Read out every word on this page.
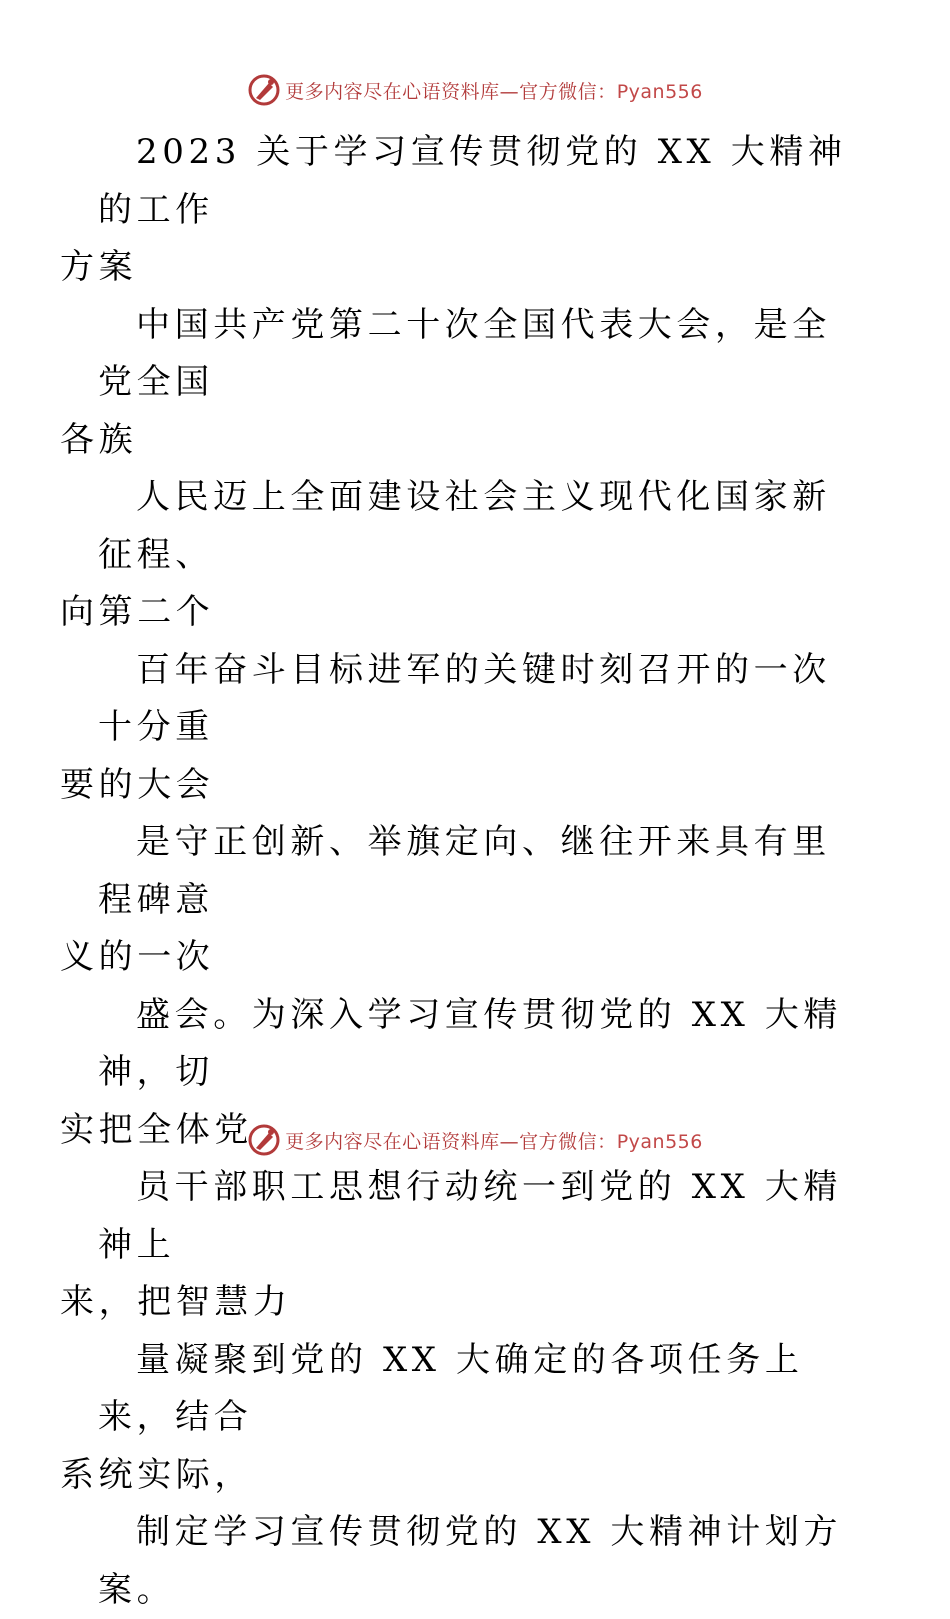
更多内容尽在心语资料库—官方微信：Pyan556
2023 关于学习宣传贯彻党的 XX 大精神的工作
方案
中国共产党第二十次全国代表大会，是全党全国
各族
人民迈上全面建设社会主义现代化国家新征程、
向第二个
百年奋斗目标进军的关键时刻召开的一次十分重
要的大会
是守正创新、举旗定向、继往开来具有里程碑意
义的一次
盛会。为深入学习宣传贯彻党的 XX 大精神，切
实把全体党
员干部职工思想行动统一到党的 XX 大精神上
来，把智慧力
量凝聚到党的 XX 大确定的各项任务上来，结合
系统实际，
制定学习宣传贯彻党的 XX 大精神计划方案。
更多内容尽在心语资料库—官方微信：Pyan556
